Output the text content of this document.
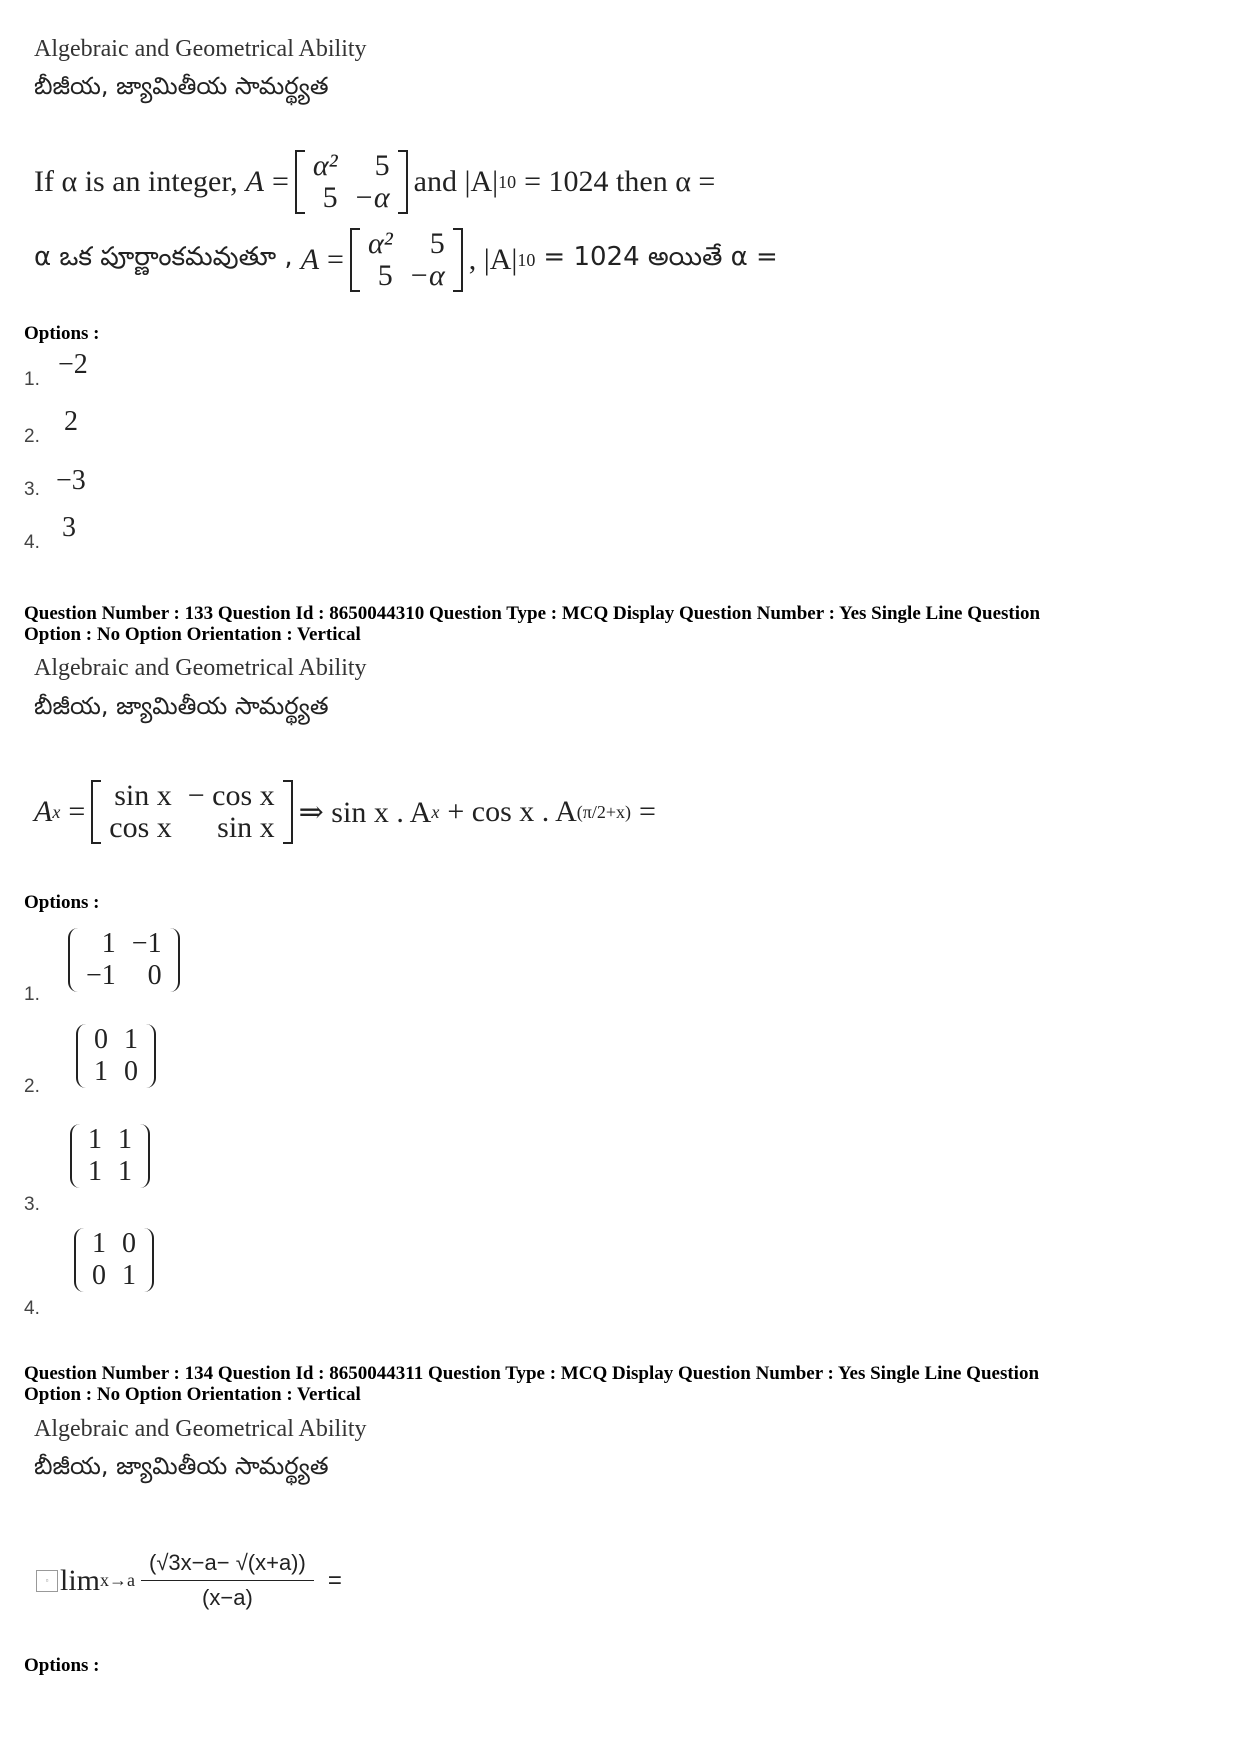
Algebraic and Geometrical Ability
బీజీయ, జ్యామితీయ సామర్థ్యత
If α is an integer, A = α²	5
5	−α and |A| 10 = 1024 then α =
α ఒక పూర్ణాంకమవుతూ , A = α²	5
5	−α , |A| 10 = 1024 అయితే α =
Options :
1. −2
2. 2
3. −3
4. 3
Question Number : 133 Question Id : 8650044310 Question Type : MCQ Display Question Number : Yes Single Line Question
Option : No Option Orientation : Vertical
Algebraic and Geometrical Ability
బీజీయ, జ్యామితీయ సామర్థ్యత
A x = sin x	− cos x
cos x	sin x ⇒ sin x . A x + cos x . A (π/2+x) =
Options :
1.
1	−1
−1	0
2.
0	1
1	0
3.
1	1
1	1
4.
1	0
0	1
Question Number : 134 Question Id : 8650044311 Question Type : MCQ Display Question Number : Yes Single Line Question
Option : No Option Orientation : Vertical
Algebraic and Geometrical Ability
బీజీయ, జ్యామితీయ సామర్థ్యత
▫ $\lim x\to a \frac{(√3x-a- √(x+a))}{(x-a)}$ =
Options :
